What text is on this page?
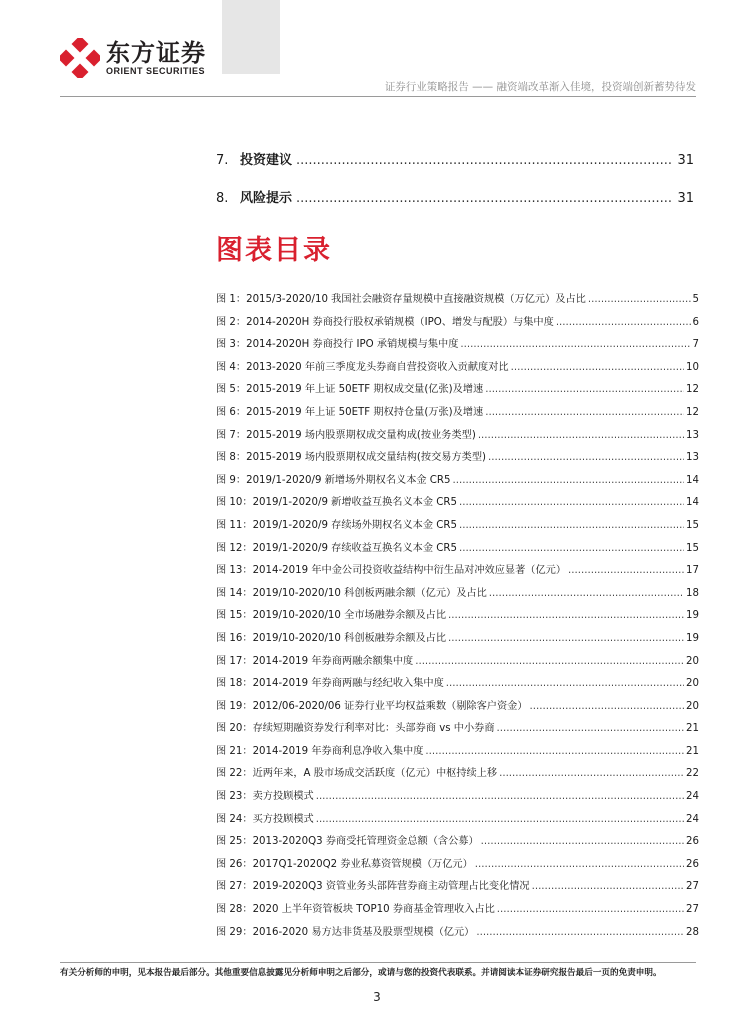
东方证券
ORIENT SECURITIES
证券行业策略报告 —— 融资端改革渐入佳境，投资端创新蓄势待发
7. 投资建议 .....	31
8. 风险提示 .....	31
图表目录
图 1：2015/3-2020/10 我国社会融资存量规模中直接融资规模（万亿元）及占比 .....	5
图 2：2014-2020H 券商投行股权承销规模（IPO、增发与配股）与集中度 .....	6
图 3：2014-2020H 券商投行 IPO 承销规模与集中度 .....	7
图 4：2013-2020 年前三季度龙头券商自营投资收入贡献度对比 .....	10
图 5：2015-2019 年上证 50ETF 期权成交量(亿张)及增速 .....	12
图 6：2015-2019 年上证 50ETF 期权持仓量(万张)及增速 .....	12
图 7：2015-2019 场内股票期权成交量构成(按业务类型) .....	13
图 8：2015-2019 场内股票期权成交量结构(按交易方类型) .....	13
图 9：2019/1-2020/9 新增场外期权名义本金 CR5 .....	14
图 10：2019/1-2020/9 新增收益互换名义本金 CR5 .....	14
图 11：2019/1-2020/9 存续场外期权名义本金 CR5 .....	15
图 12：2019/1-2020/9 存续收益互换名义本金 CR5 .....	15
图 13：2014-2019 年中金公司投资收益结构中衍生品对冲效应显著（亿元） .....	17
图 14：2019/10-2020/10 科创板两融余额（亿元）及占比 .....	18
图 15：2019/10-2020/10 全市场融券余额及占比 .....	19
图 16：2019/10-2020/10 科创板融券余额及占比 .....	19
图 17：2014-2019 年券商两融余额集中度 .....	20
图 18：2014-2019 年券商两融与经纪收入集中度 .....	20
图 19：2012/06-2020/06 证券行业平均权益乘数（剔除客户资金） .....	20
图 20：存续短期融资券发行利率对比：头部券商 vs 中小券商 .....	21
图 21：2014-2019 年券商利息净收入集中度 .....	21
图 22：近两年来，A 股市场成交活跃度（亿元）中枢持续上移 .....	22
图 23：卖方投顾模式 .....	24
图 24：买方投顾模式 .....	24
图 25：2013-2020Q3 券商受托管理资金总额（含公募） .....	26
图 26：2017Q1-2020Q2 券业私募资管规模（万亿元） .....	26
图 27：2019-2020Q3 资管业务头部阵营券商主动管理占比变化情况 .....	27
图 28：2020 上半年资管板块 TOP10 券商基金管理收入占比 .....	27
图 29：2016-2020 易方达非货基及股票型规模（亿元） .....	28
有关分析师的申明，见本报告最后部分。其他重要信息披露见分析师申明之后部分，或请与您的投资代表联系。并请阅读本证券研究报告最后一页的免责申明。
3
